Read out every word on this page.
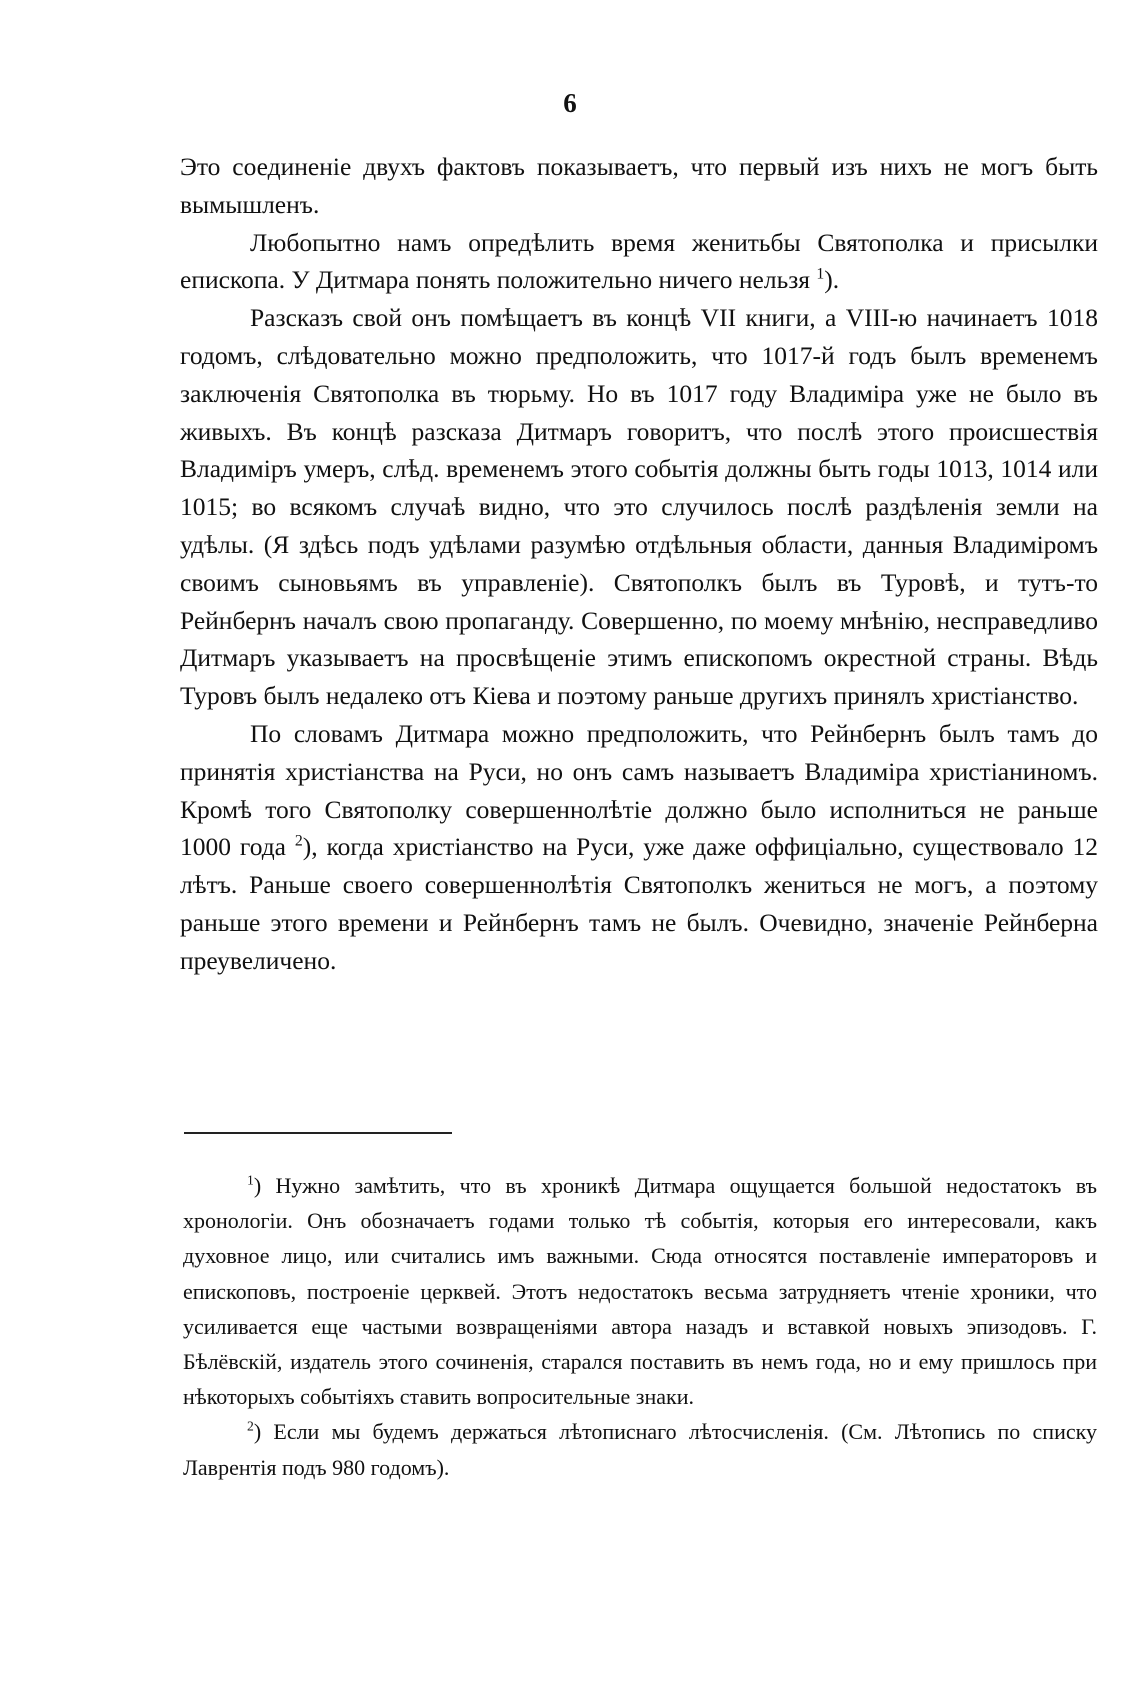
6

Это соединеніе двухъ фактовъ показываетъ, что первый изъ нихъ не могъ быть вымышленъ.

Любопытно намъ опредѣлить время женитьбы Святополка и присылки епископа. У Дитмара понять положительно ничего нельзя $^1$).

Разсказъ свой онъ помѣщаетъ въ концѣ VII книги, а VIII-ю начинаетъ 1018 годомъ, слѣдовательно можно предположить, что 1017-й годъ былъ временемъ заключенія Святополка въ тюрьму. Но въ 1017 году Владиміра уже не было въ живыхъ. Въ концѣ разсказа Дитмаръ говоритъ, что послѣ этого происшествія Владиміръ умеръ, слѣд. временемъ этого событія должны быть годы 1013, 1014 или 1015; во всякомъ случаѣ видно, что это случилось послѣ раздѣленія земли на удѣлы. (Я здѣсь подъ удѣлами разумѣю отдѣльныя области, данныя Владиміромъ своимъ сыновьямъ въ управленіе). Святополкъ былъ въ Туровѣ, и тутъ-то Рейнбернъ началъ свою пропаганду. Совершенно, по моему мнѣнію, несправедливо Дитмаръ указываетъ на просвѣщеніе этимъ епископомъ окрестной страны. Вѣдь Туровъ былъ недалеко отъ Кіева и поэтому раньше другихъ принялъ христіанство.

По словамъ Дитмара можно предположить, что Рейнбернъ былъ тамъ до принятія христіанства на Руси, но онъ самъ называетъ Владиміра христіаниномъ. Кромѣ того Святополку совершеннолѣтіе должно было исполниться не раньше 1000 года $^2$), когда христіанство на Руси, уже даже оффиціально, существовало 12 лѣтъ. Раньше своего совершеннолѣтія Святополкъ жениться не могъ, а поэтому раньше этого времени и Рейнбернъ тамъ не былъ. Очевидно, значеніе Рейнберна преувеличено.

$^1$) Нужно замѣтить, что въ хроникѣ Дитмара ощущается большой недостатокъ въ хронологіи. Онъ обозначаетъ годами только тѣ событія, которыя его интересовали, какъ духовное лицо, или считались имъ важными. Сюда относятся поставленіе императоровъ и епископовъ, построеніе церквей. Этотъ недостатокъ весьма затрудняетъ чтеніе хроники, что усиливается еще частыми возвращеніями автора назадъ и вставкой новыхъ эпизодовъ. Г. Бѣлёвскій, издатель этого сочиненія, старался поставить въ немъ года, но и ему пришлось при нѣкоторыхъ событіяхъ ставить вопросительные знаки.

$^2$) Если мы будемъ держаться лѣтописнаго лѣтосчисленія. (См. Лѣтопись по списку Лаврентія подъ 980 годомъ).
